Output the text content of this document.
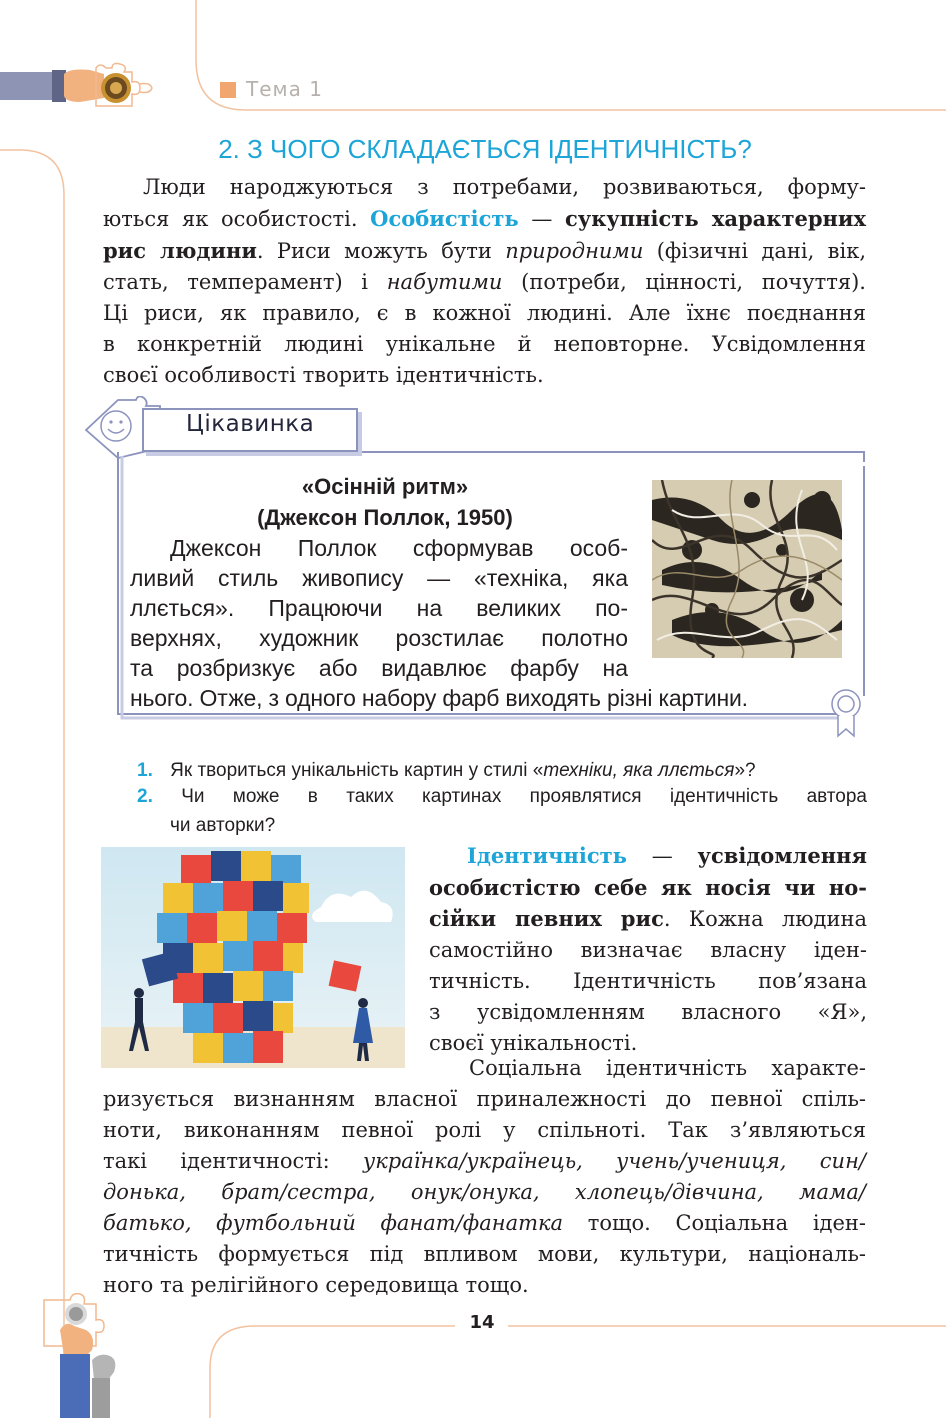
Тема 1
2. З ЧОГО СКЛАДАЄТЬСЯ ІДЕНТИЧНІСТЬ?
Люди народжуються з потребами, розвиваються, форму-
ються як особистості. Особистість — сукупність характерних
рис людини. Риси можуть бути природними (фізичні дані, вік,
стать, темперамент) і набутими (потреби, цінності, почуття).
Ці риси, як правило, є в кожної людині. Але їхнє поєднання
в конкретній людині унікальне й неповторне. Усвідомлення
своєї особливості творить ідентичність.
Цікавинка
«Осінній ритм»
(Джексон Поллок, 1950)
Джексон Поллок сформував особ-
ливий стиль живопису — «техніка, яка
ллється». Працюючи на великих по-
верхнях, художник розстилає полотно
та розбризкує або видавлює фарбу на
нього. Отже, з одного набору фарб виходять різні картини.
1. Як твориться унікальність картин у стилі «техніки, яка ллється»?
2. Чи може в таких картинах проявлятися ідентичність автора
чи авторки?
Ідентичність — усвідомлення
особистістю себе як носія чи но-
сійки певних рис. Кожна людина
самостійно визначає власну іден-
тичність. Ідентичність пов’язана
з усвідомленням власного «Я»,
своєї унікальності.
Соціальна ідентичність характе-
ризується визнанням власної приналежності до певної спіль-
ноти, виконанням певної ролі у спільноті. Так з’являються
такі ідентичності: українка/українець, учень/учениця, син/
донька, брат/сестра, онук/онука, хлопець/дівчина, мама/
батько, футбольний фанат/фанатка тощо. Соціальна іден-
тичність формується під впливом мови, культури, національ-
ного та релігійного середовища тощо.
14
